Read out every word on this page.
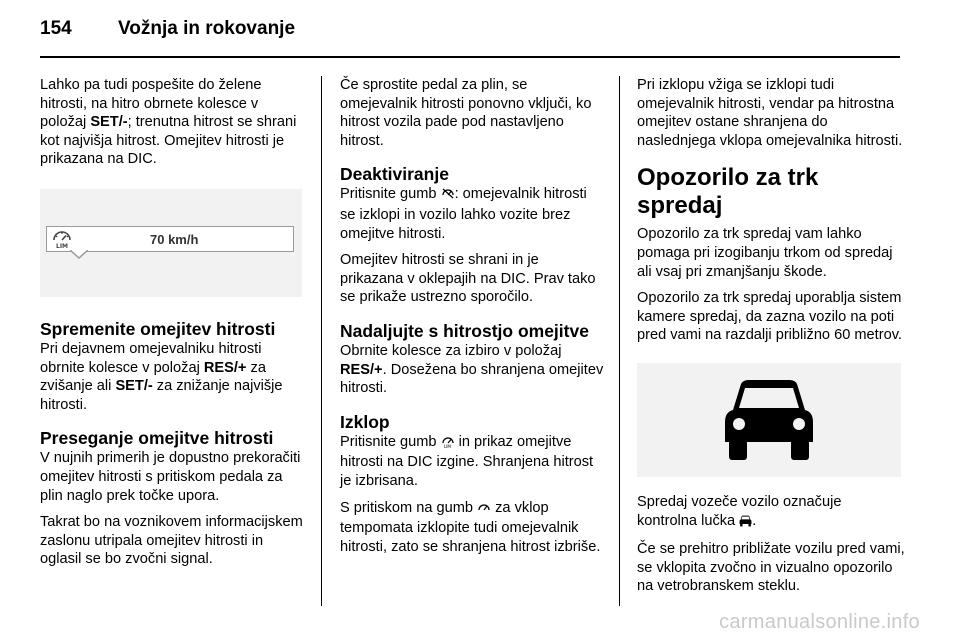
154	Vožnja in rokovanje

Lahko pa tudi pospešite do želene hitrosti, na hitro obrnete kolesce v položaj SET/-; trenutna hitrost se shrani kot najvišja hitrost. Omejitev hitrosti je prikazana na DIC.

LIM	70 km/h
Spremenite omejitev hitrosti

Pri dejavnem omejevalniku hitrosti obrnite kolesce v položaj RES/+ za zvišanje ali SET/- za znižanje najvišje hitrosti.

Preseganje omejitve hitrosti

V nujnih primerih je dopustno prekoračiti omejitev hitrosti s pritiskom pedala za plin naglo prek točke upora.

Takrat bo na voznikovem informacijskem zaslonu utripala omejitev hitrosti in oglasil se bo zvočni signal.

Če sprostite pedal za plin, se omejevalnik hitrosti ponovno vključi, ko hitrost vozila pade pod nastavljeno hitrost.

Deaktiviranje

Pritisnite gumb : omejevalnik hitrosti se izklopi in vozilo lahko vozite brez omejitve hitrosti.

Omejitev hitrosti se shrani in je prikazana v oklepajih na DIC. Prav tako se prikaže ustrezno sporočilo.

Nadaljujte s hitrostjo omejitve

Obrnite kolesce za izbiro v položaj RES/+. Dosežena bo shranjena omejitev hitrosti.

Izklop

Pritisnite gumb LIM in prikaz omejitve hitrosti na DIC izgine. Shranjena hitrost je izbrisana.

S pritiskom na gumb  za vklop tempomata izklopite tudi omejevalnik hitrosti, zato se shranjena hitrost izbriše.

Pri izklopu vžiga se izklopi tudi omejevalnik hitrosti, vendar pa hitrostna omejitev ostane shranjena do naslednjega vklopa omejevalnika hitrosti.

Opozorilo za trk spredaj

Opozorilo za trk spredaj vam lahko pomaga pri izogibanju trkom od spredaj ali vsaj pri zmanjšanju škode.

Opozorilo za trk spredaj uporablja sistem kamere spredaj, da zazna vozilo na poti pred vami na razdalji približno 60 metrov.

Spredaj vozeče vozilo označuje kontrolna lučka .

Če se prehitro približate vozilu pred vami, se vklopita zvočno in vizualno opozorilo na vetrobranskem steklu.

carmanualsonline.info
